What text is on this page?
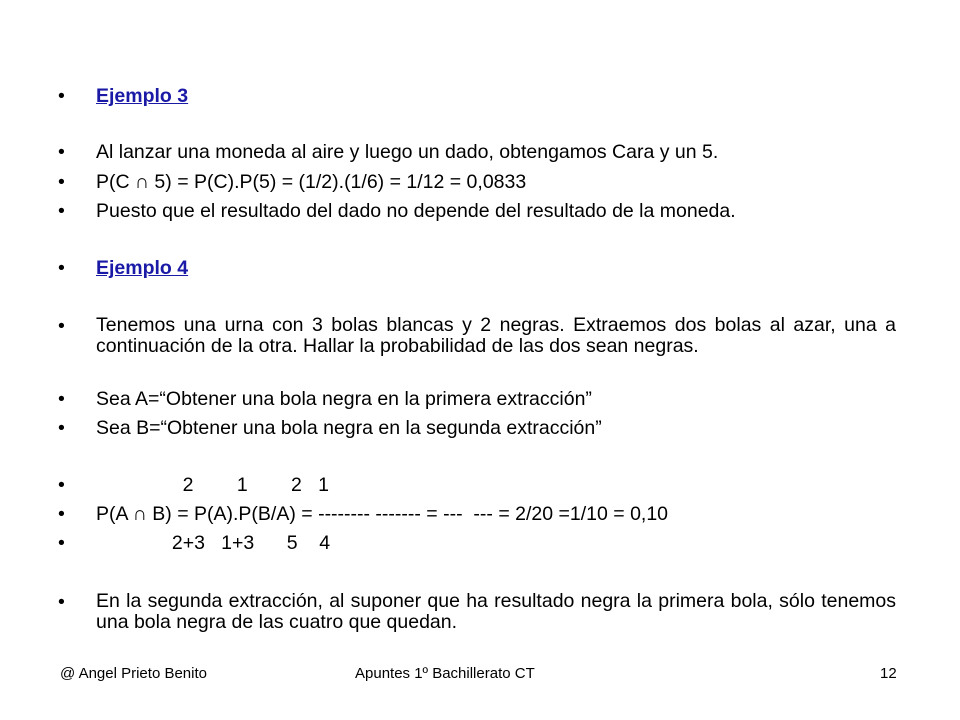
•	Ejemplo 3
•	Al lanzar una moneda al aire y luego un dado, obtengamos Cara y un 5.
•	P(C ∩ 5) = P(C).P(5) = (1/2).(1/6) = 1/12 = 0,0833
•	Puesto que el resultado del dado no depende del resultado de la moneda.
•	Ejemplo 4
•	Tenemos una urna con 3 bolas blancas y 2 negras. Extraemos dos bolas al azar, una a continuación de la otra. Hallar la probabilidad de las dos sean negras.
•	Sea A=“Obtener una bola negra en la primera extracción”
•	Sea B=“Obtener una bola negra en la segunda extracción”
•	2        1        2   1
•	P(A ∩ B) = P(A).P(B/A) = -------- ------- = ---  --- = 2/20 =1/10 = 0,10
•	2+3   1+3      5    4
•	En la segunda extracción, al suponer que ha resultado negra la primera bola, sólo tenemos una bola negra de las cuatro que quedan.
@ Angel Prieto Benito	Apuntes 1º Bachillerato CT	12
